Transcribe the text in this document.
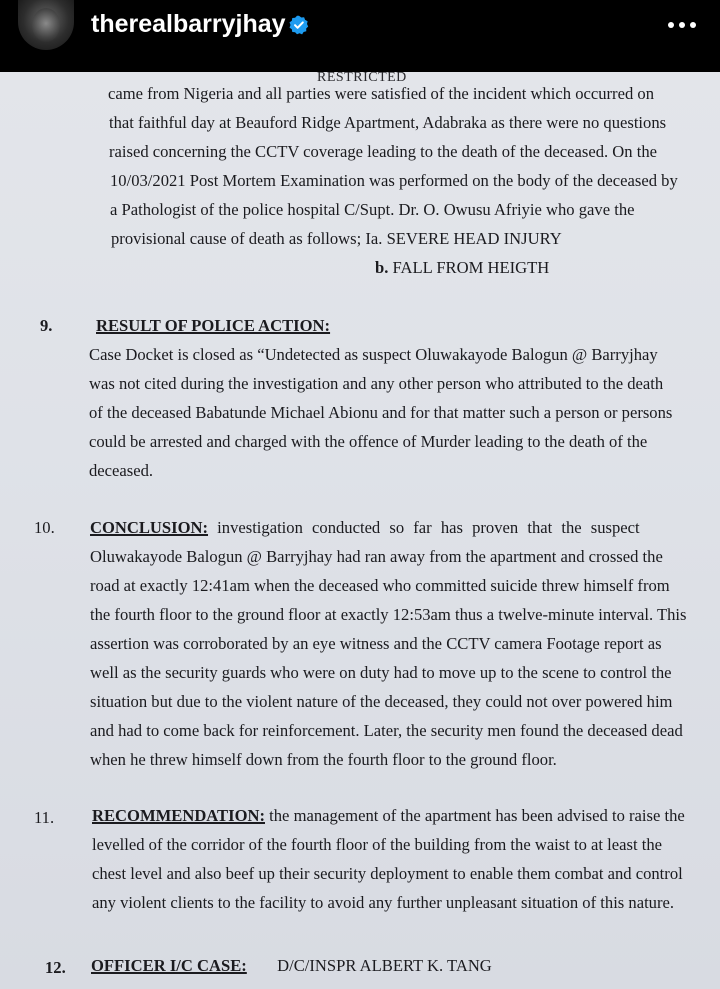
therealbarryjhay
RESTRICTED
came from Nigeria and all parties were satisfied of the incident which occurred on
that faithful day at Beauford Ridge Apartment, Adabraka as there were no questions
raised concerning the CCTV coverage leading to the death of the deceased. On the
10/03/2021 Post Mortem Examination was performed on the body of the deceased by
a Pathologist of the police hospital C/Supt. Dr. O. Owusu Afriyie who gave the
provisional cause of death as follows; Ia. SEVERE HEAD INJURY
b. FALL FROM HEIGTH
9.	RESULT OF POLICE ACTION:
Case Docket is closed as “Undetected as suspect Oluwakayode Balogun @ Barryjhay
was not cited during the investigation and any other person who attributed to the death
of the deceased Babatunde Michael Abionu and for that matter such a person or persons
could be arrested and charged with the offence of Murder leading to the death of the
deceased.
10. CONCLUSION: investigation conducted so far has proven that the suspect
Oluwakayode Balogun @ Barryjhay had ran away from the apartment and crossed the
road at exactly 12:41am when the deceased who committed suicide threw himself from
the fourth floor to the ground floor at exactly 12:53am thus a twelve-minute interval. This
assertion was corroborated by an eye witness and the CCTV camera Footage report as
well as the security guards who were on duty had to move up to the scene to control the
situation but due to the violent nature of the deceased, they could not over powered him
and had to come back for reinforcement. Later, the security men found the deceased dead
when he threw himself down from the fourth floor to the ground floor.
11. RECOMMENDATION: the management of the apartment has been advised to raise the
levelled of the corridor of the fourth floor of the building from the waist to at least the
chest level and also beef up their security deployment to enable them combat and control
any violent clients to the facility to avoid any further unpleasant situation of this nature.
12. OFFICER I/C CASE: D/C/INSPR ALBERT K. TANG
